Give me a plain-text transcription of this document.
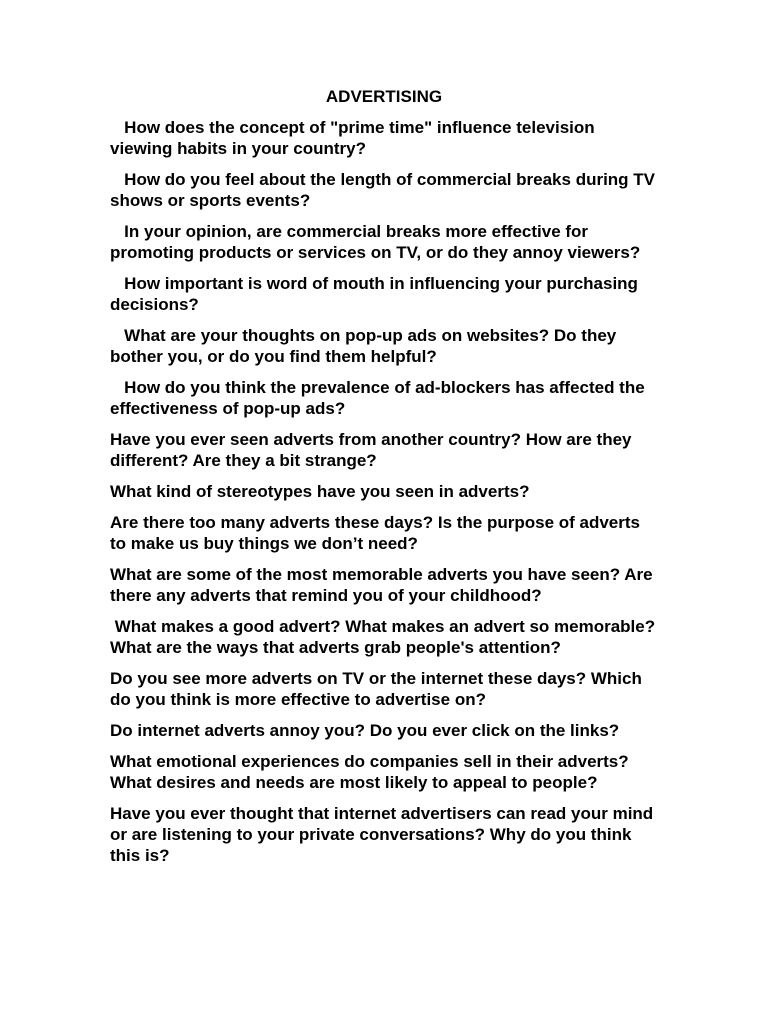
ADVERTISING
How does the concept of "prime time" influence television viewing habits in your country?
How do you feel about the length of commercial breaks during TV shows or sports events?
In your opinion, are commercial breaks more effective for promoting products or services on TV, or do they annoy viewers?
How important is word of mouth in influencing your purchasing decisions?
What are your thoughts on pop-up ads on websites? Do they bother you, or do you find them helpful?
How do you think the prevalence of ad-blockers has affected the effectiveness of pop-up ads?
Have you ever seen adverts from another country? How are they different? Are they a bit strange?
What kind of stereotypes have you seen in adverts?
Are there too many adverts these days? Is the purpose of adverts to make us buy things we don’t need?
What are some of the most memorable adverts you have seen? Are there any adverts that remind you of your childhood?
What makes a good advert? What makes an advert so memorable? What are the ways that adverts grab people's attention?
Do you see more adverts on TV or the internet these days? Which do you think is more effective to advertise on?
Do internet adverts annoy you? Do you ever click on the links?
What emotional experiences do companies sell in their adverts? What desires and needs are most likely to appeal to people?
Have you ever thought that internet advertisers can read your mind or are listening to your private conversations? Why do you think this is?
